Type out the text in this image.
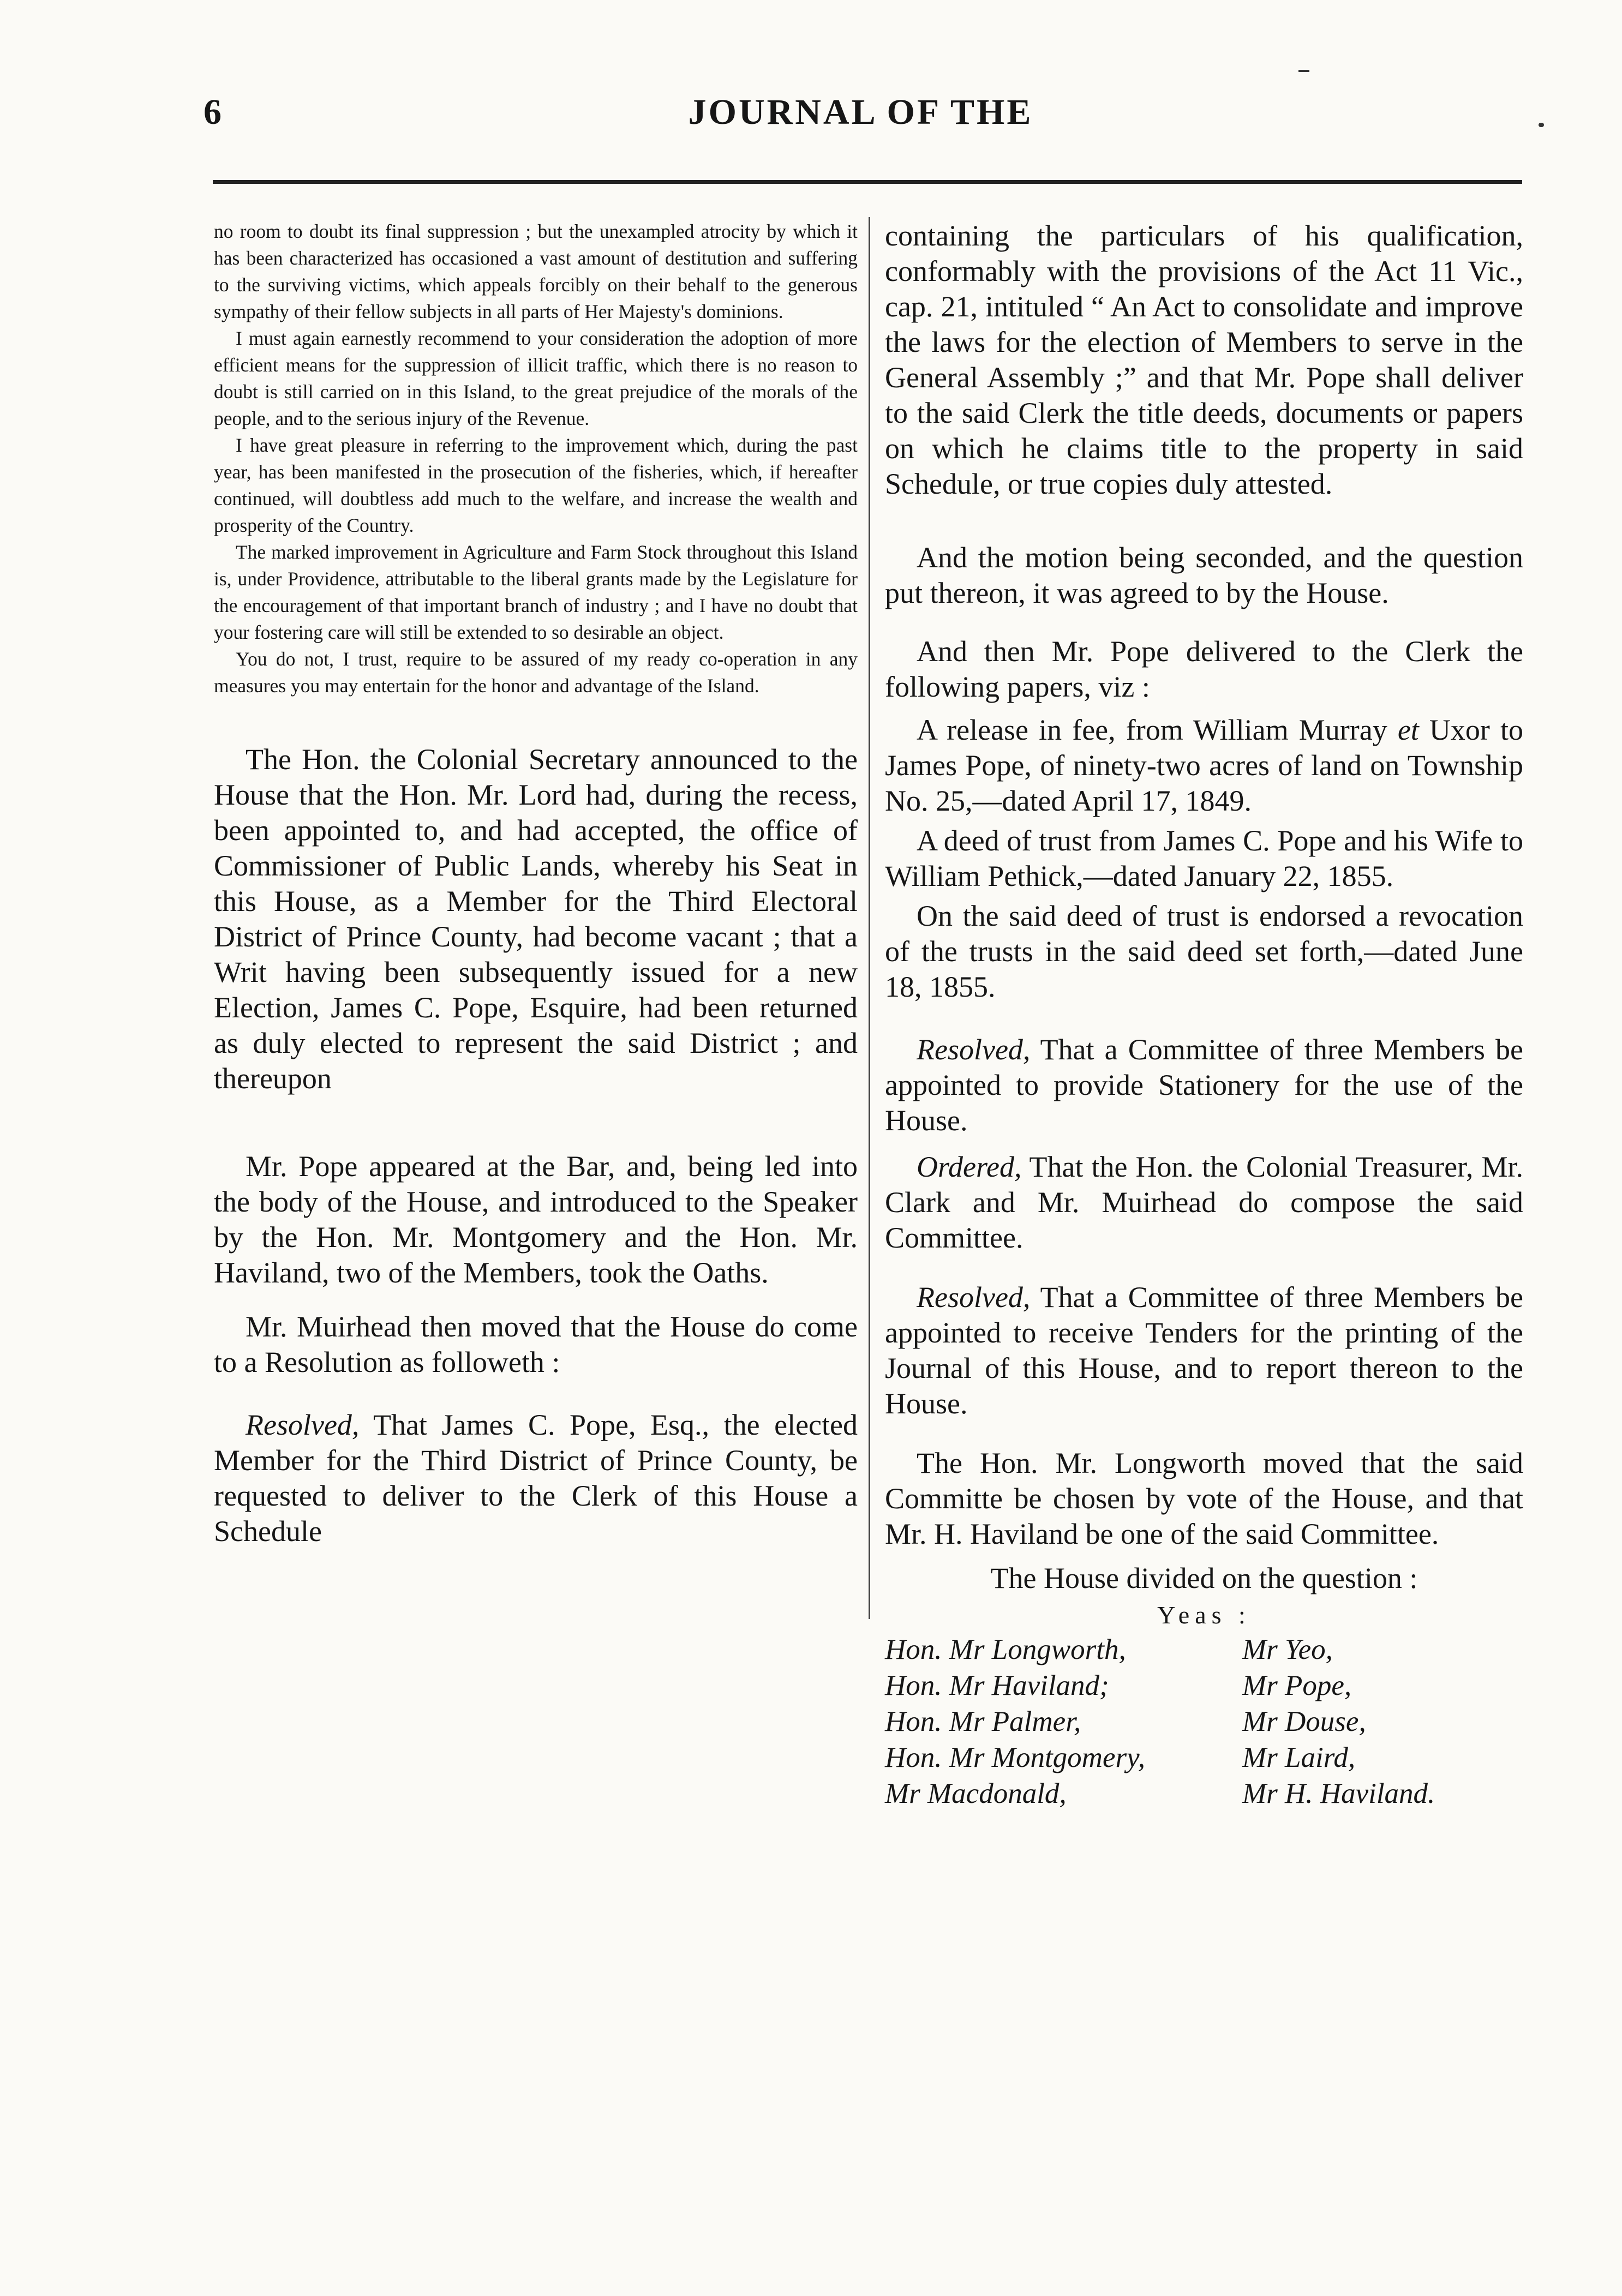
6	JOURNAL OF THE

no room to doubt its final suppression ; but the unexampled atrocity by which it has been characterized has occasioned a vast amount of destitution and suffering to the surviving victims, which appeals forcibly on their behalf to the generous sympathy of their fellow subjects in all parts of Her Majesty's dominions.

I must again earnestly recommend to your consideration the adoption of more efficient means for the suppression of illicit traffic, which there is no reason to doubt is still carried on in this Island, to the great prejudice of the morals of the people, and to the serious injury of the Revenue.

I have great pleasure in referring to the improvement which, during the past year, has been manifested in the prosecution of the fisheries, which, if hereafter continued, will doubtless add much to the welfare, and increase the wealth and prosperity of the Country.

The marked improvement in Agriculture and Farm Stock throughout this Island is, under Providence, attributable to the liberal grants made by the Legislature for the encouragement of that important branch of industry ; and I have no doubt that your fostering care will still be extended to so desirable an object.

You do not, I trust, require to be assured of my ready co-operation in any measures you may entertain for the honor and advantage of the Island.

The Hon. the Colonial Secretary announced to the House that the Hon. Mr. Lord had, during the recess, been appointed to, and had accepted, the office of Commissioner of Public Lands, whereby his Seat in this House, as a Member for the Third Electoral District of Prince County, had become vacant ; that a Writ having been subsequently issued for a new Election, James C. Pope, Esquire, had been returned as duly elected to represent the said District ; and thereupon

Mr. Pope appeared at the Bar, and, being led into the body of the House, and introduced to the Speaker by the Hon. Mr. Montgomery and the Hon. Mr. Haviland, two of the Members, took the Oaths.

Mr. Muirhead then moved that the House do come to a Resolution as followeth :

Resolved, That James C. Pope, Esq., the elected Member for the Third District of Prince County, be requested to deliver to the Clerk of this House a Schedule

containing the particulars of his qualification, conformably with the provisions of the Act 11 Vic., cap. 21, intituled “ An Act to consolidate and improve the laws for the election of Members to serve in the General Assembly ;” and that Mr. Pope shall deliver to the said Clerk the title deeds, documents or papers on which he claims title to the property in said Schedule, or true copies duly attested.

And the motion being seconded, and the question put thereon, it was agreed to by the House.

And then Mr. Pope delivered to the Clerk the following papers, viz :

A release in fee, from William Murray et Uxor to James Pope, of ninety-two acres of land on Township No. 25,—dated April 17, 1849.

A deed of trust from James C. Pope and his Wife to William Pethick,—dated January 22, 1855.

On the said deed of trust is endorsed a revocation of the trusts in the said deed set forth,—dated June 18, 1855.

Resolved, That a Committee of three Members be appointed to provide Stationery for the use of the House.

Ordered, That the Hon. the Colonial Treasurer, Mr. Clark and Mr. Muirhead do compose the said Committee.

Resolved, That a Committee of three Members be appointed to receive Tenders for the printing of the Journal of this House, and to report thereon to the House.

The Hon. Mr. Longworth moved that the said Committe be chosen by vote of the House, and that Mr. H. Haviland be one of the said Committee.

The House divided on the question :

Yeas :
Hon. Mr Longworth,	Mr Yeo,
Hon. Mr Haviland;	Mr Pope,
Hon. Mr Palmer,	Mr Douse,
Hon. Mr Montgomery,	Mr Laird,
Mr Macdonald,	Mr H. Haviland.
